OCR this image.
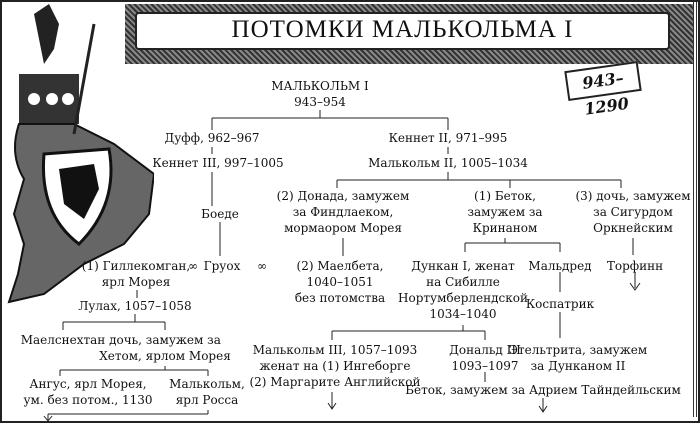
ПОТОМКИ МАЛЬКОЛЬМА I
943–1290
МАЛЬКОЛЬМ I
943–954
Дуфф, 962–967
Кеннет III, 997–1005
Кеннет II, 971–995
Малькольм II, 1005–1034
Боеде
(2) Донада, замужем
за Финдлаеком,
мормаором Морея
(1) Беток,
замужем за
Кринаном
(3) дочь, замужем
за Сигурдом
Оркнейским
(1) Гиллекомган,
ярл Морея
∞ Груох ∞ (2) Маелбета,
1040–1051
без потомства
Дункан I, женат
на Сибилле
Нортумберлендской
1034–1040
Мальдред Торфинн
Коспатрик
Лулах, 1057–1058
Маелснехтан дочь, замужем за
Хетом, ярлом Морея
Ангус, ярл Морея,
ум. без потом., 1130
Малькольм,
ярл Росса
Малькольм III, 1057–1093
женат на (1) Ингеборге
(2) Маргарите Английской
Дональд III
1093–1097
Этельтрита, замужем
за Дунканом II
Беток, замужем за Адрием Тайндейльским
